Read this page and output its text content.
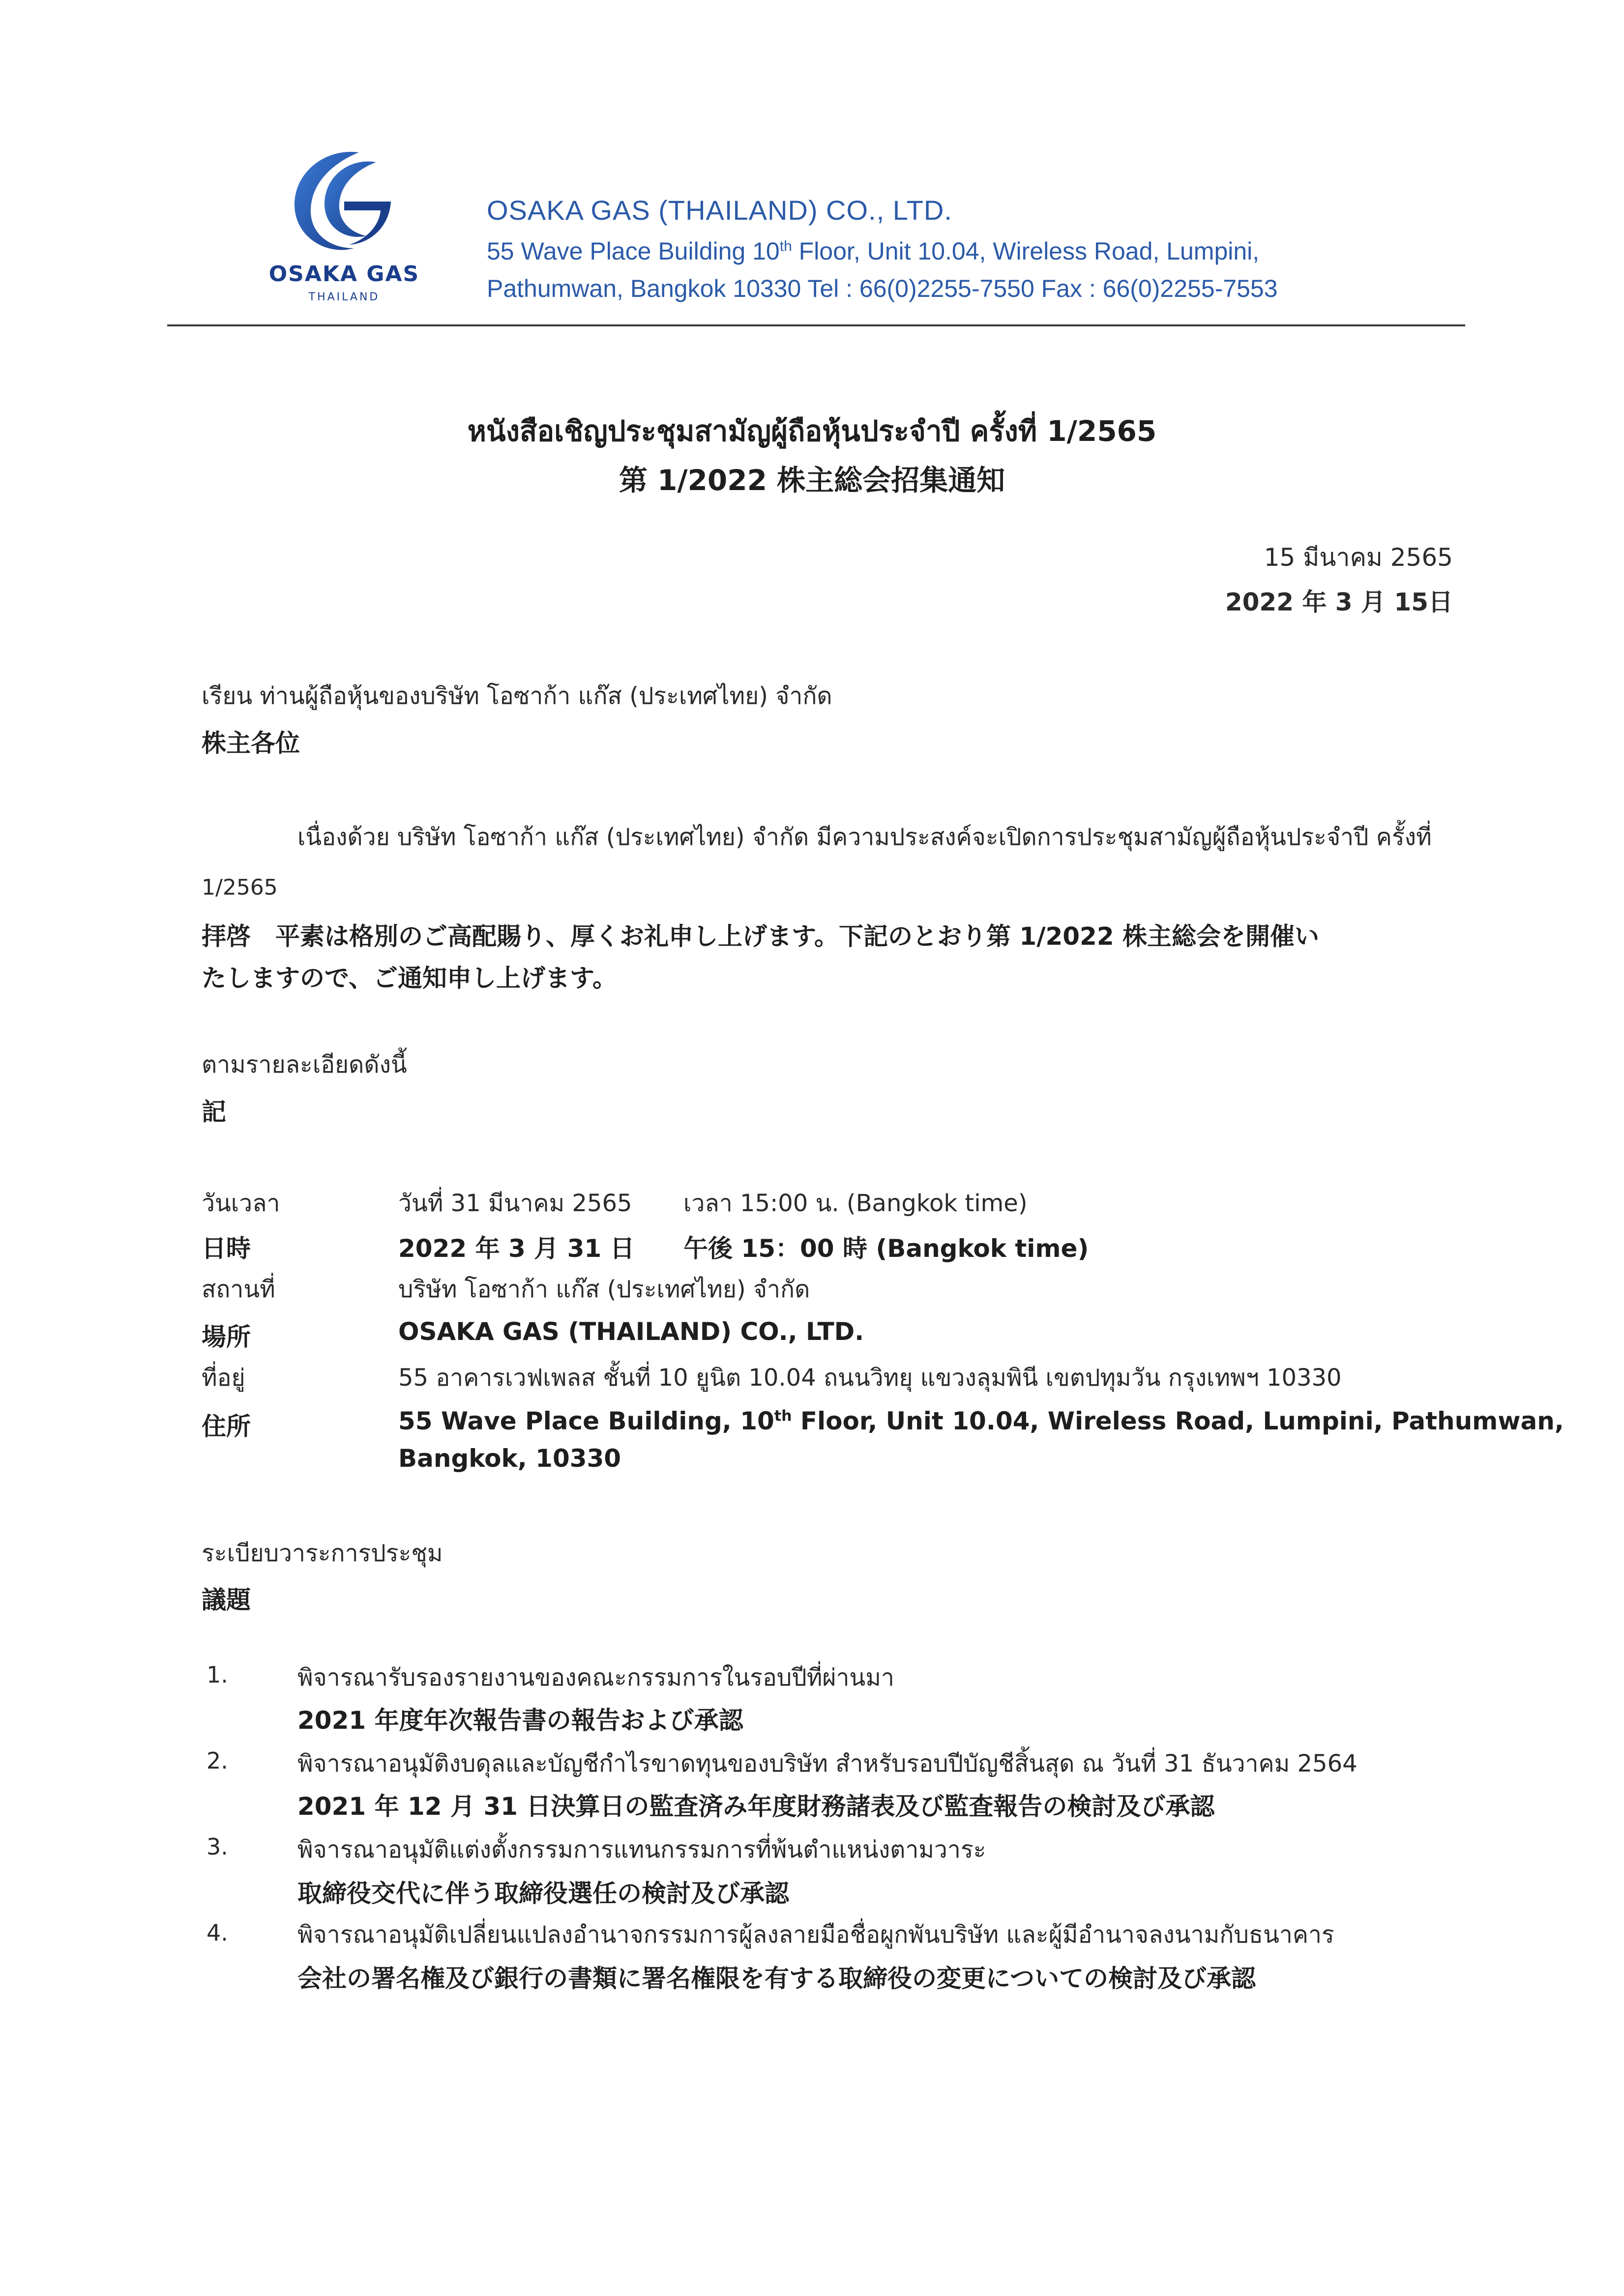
OSAKA GAS
THAILAND
OSAKA GAS (THAILAND) CO., LTD.
55 Wave Place Building 10th Floor, Unit 10.04, Wireless Road, Lumpini,
Pathumwan, Bangkok 10330 Tel : 66(0)2255-7550 Fax : 66(0)2255-7553
หนังสือเชิญประชุมสามัญผู้ถือหุ้นประจำปี ครั้งที่ 1/2565
第 1/2022 株主総会招集通知
15 มีนาคม 2565
2022 年 3 月 15日
เรียน ท่านผู้ถือหุ้นของบริษัท โอซาก้า แก๊ส (ประเทศไทย) จำกัด
株主各位
เนื่องด้วย บริษัท โอซาก้า แก๊ส (ประเทศไทย) จำกัด มีความประสงค์จะเปิดการประชุมสามัญผู้ถือหุ้นประจำปี ครั้งที่
1/2565
拝啓　平素は格別のご高配賜り、厚くお礼申し上げます。下記のとおり第 1/2022 株主総会を開催い
たしますので、ご通知申し上げます。
ตามรายละเอียดดังนี้
記
วันเวลา	วันที่ 31 มีนาคม 2565 เวลา 15:00 น. (Bangkok time)
日時	2022 年 3 月 31 日 午後 15：00 時 (Bangkok time)
สถานที่	บริษัท โอซาก้า แก๊ส (ประเทศไทย) จำกัด
場所	OSAKA GAS (THAILAND) CO., LTD.
ที่อยู่	55 อาคารเวฟเพลส ชั้นที่ 10 ยูนิต 10.04 ถนนวิทยุ แขวงลุมพินี เขตปทุมวัน กรุงเทพฯ 10330
住所	55 Wave Place Building, 10th Floor, Unit 10.04, Wireless Road, Lumpini, Pathumwan,
Bangkok, 10330
ระเบียบวาระการประชุม
議題
1.	พิจารณารับรองรายงานของคณะกรรมการในรอบปีที่ผ่านมา
2021 年度年次報告書の報告および承認
2.	พิจารณาอนุมัติงบดุลและบัญชีกำไรขาดทุนของบริษัท สำหรับรอบปีบัญชีสิ้นสุด ณ วันที่ 31 ธันวาคม 2564
2021 年 12 月 31 日決算日の監査済み年度財務諸表及び監査報告の検討及び承認
3.	พิจารณาอนุมัติแต่งตั้งกรรมการแทนกรรมการที่พ้นตำแหน่งตามวาระ
取締役交代に伴う取締役選任の検討及び承認
4.	พิจารณาอนุมัติเปลี่ยนแปลงอำนาจกรรมการผู้ลงลายมือชื่อผูกพันบริษัท และผู้มีอำนาจลงนามกับธนาคาร
会社の署名権及び銀行の書類に署名権限を有する取締役の変更についての検討及び承認
